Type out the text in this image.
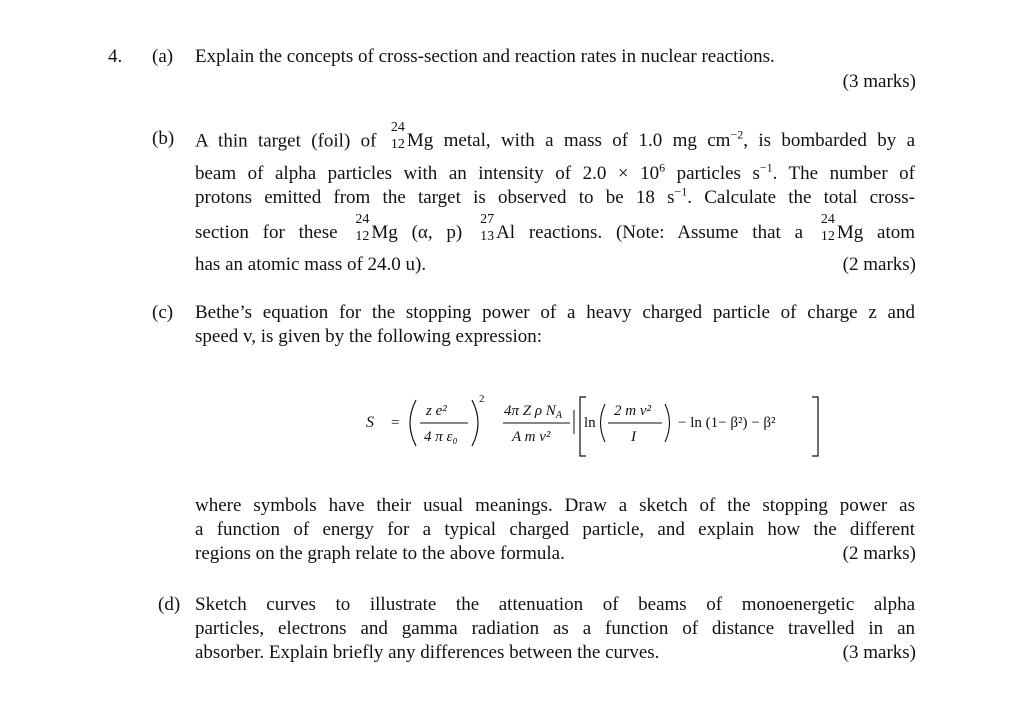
4. (a) Explain the concepts of cross-section and reaction rates in nuclear reactions.
(3 marks)
(b) A thin target (foil) of
24
12 Mg metal, with a mass of 1.0 mg $cm^{-2}$, is bombarded by a
beam of alpha particles with an intensity of $2.0 \times 10^6$ particles $s^{-1}$. The number of
protons emitted from the target is observed to be 18 $s^{-1}$. Calculate the total cross-
section for these
24
12 Mg (α, p)
27
13 Al reactions. (Note: Assume that a
24
12 Mg atom
has an atomic mass of 24.0 u).	(2 marks)
(c) Bethe’s equation for the stopping power of a heavy charged particle of charge z and
speed v, is given by the following expression:
S =
z e²
4 π ε₀
2
4π Z ρ $N_A$
A m v²
ln
2 m v²
I
− ln (1− β²) − β²
where symbols have their usual meanings. Draw a sketch of the stopping power as
a function of energy for a typical charged particle, and explain how the different
regions on the graph relate to the above formula.	(2 marks)
(d) Sketch curves to illustrate the attenuation of beams of monoenergetic alpha
particles, electrons and gamma radiation as a function of distance travelled in an
absorber. Explain briefly any differences between the curves.	(3 marks)
